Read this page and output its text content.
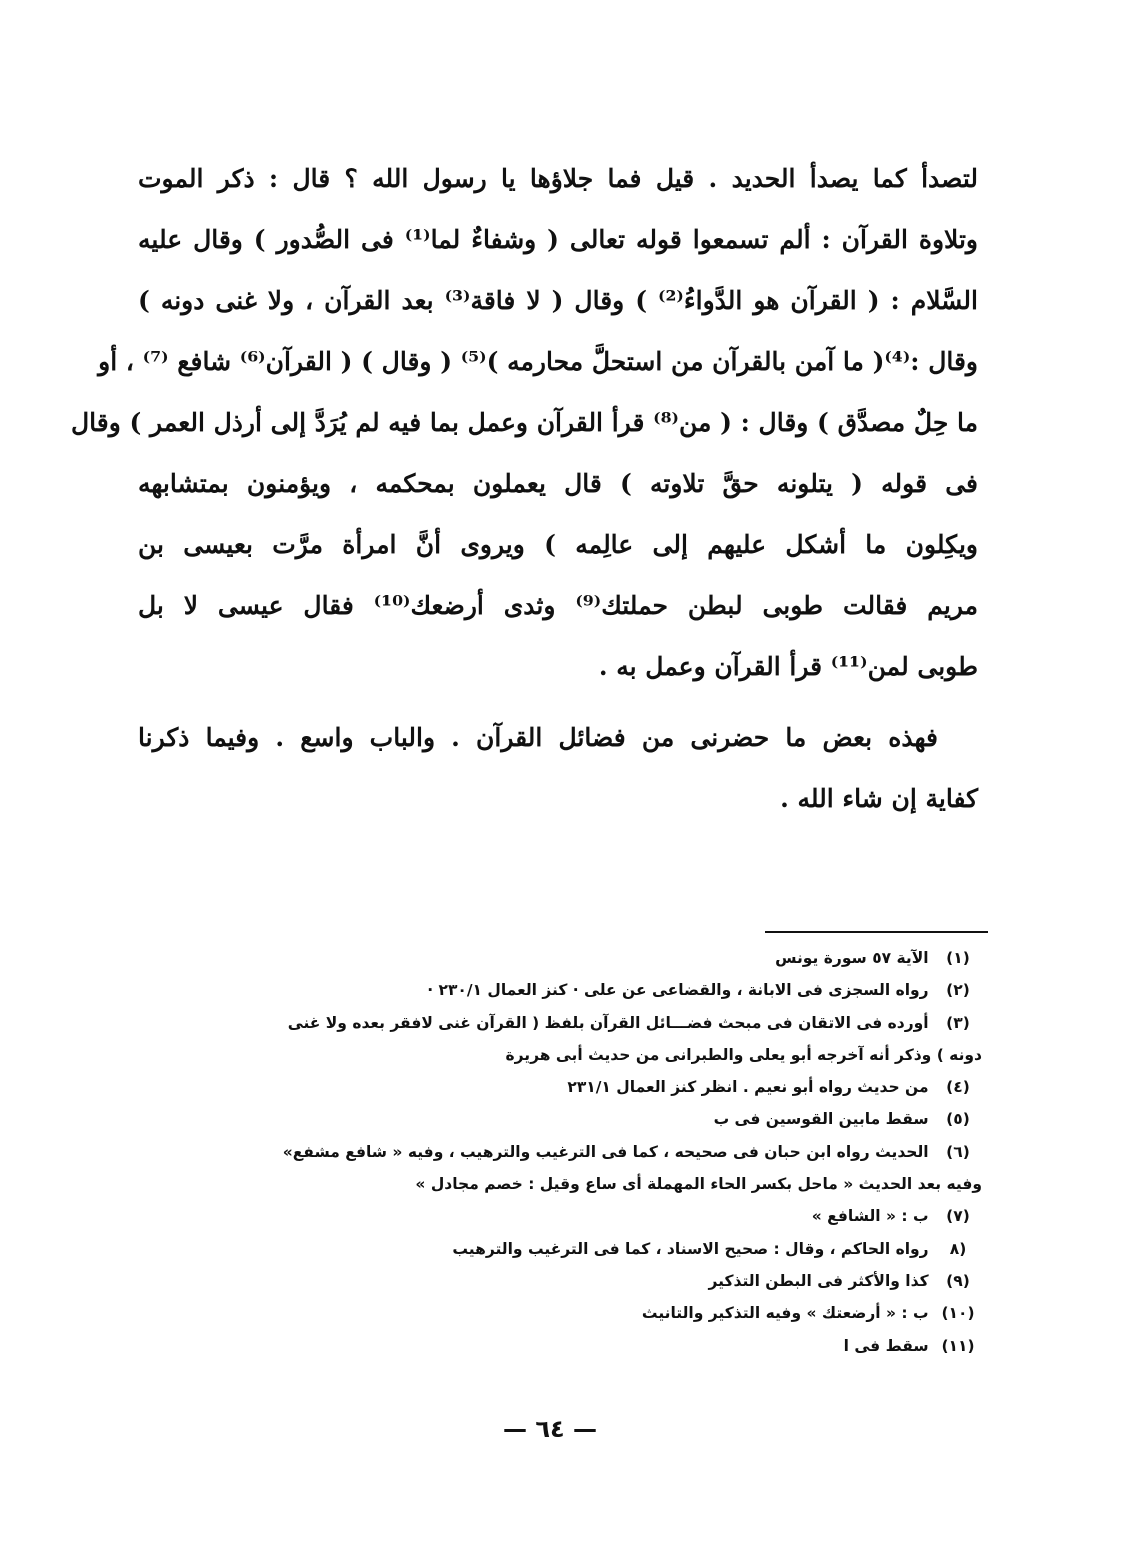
لتصدأ كما يصدأ الحديد . قيل فما جلاؤها يا رسول الله ؟ قال : ذكر الموت
وتلاوة القرآن : ألم تسمعوا قوله تعالى ( وشفاءٌ لما⁽¹⁾ فى الصُّدور ) وقال عليه
السَّلام : ( القرآن هو الدَّواءُ⁽²⁾ ) وقال ( لا فاقة⁽³⁾ بعد القرآن ، ولا غنى دونه )
وقال :⁽⁴⁾( ما آمن بالقرآن من استحلَّ محارمه )⁽⁵⁾ ( وقال ) ( القرآن⁽⁶⁾ شافع ⁽⁷⁾ ، أو
ما حِلٌ مصدَّق ) وقال : ( من⁽⁸⁾ قرأ القرآن وعمل بما فيه لم يُرَدَّ إلى أرذل العمر ) وقال
فى قوله ( يتلونه حقَّ تلاوته ) قال يعملون بمحكمه ، ويؤمنون بمتشابهه
ويكِلون ما أشكل عليهم إلى عالِمه ) ويروى أنَّ امرأة مرَّت بعيسى بن
مريم فقالت طوبى لبطن حملتك⁽⁹⁾ وثدى أرضعك⁽¹⁰⁾ فقال عيسى لا بل
طوبى لمن⁽¹¹⁾ قرأ القرآن وعمل به .
فهذه بعض ما حضرنى من فضائل القرآن . والباب واسع . وفيما ذكرنا
كفاية إن شاء الله .
(١) الآية ٥٧ سورة يونس
(٢) رواه السجزى فى الابانة ، والقضاعى عن على · كنز العمال ٢٣٠/١ ·
(٣) أورده فى الاتقان فى مبحث فضـــائل القرآن بلفظ ( القرآن غنى لافقر بعده ولا غنى
دونه ) وذكر أنه آخرجه أبو يعلى والطبرانى من حديث أبى هريرة
(٤) من حديث رواه أبو نعيم . انظر كنز العمال ٢٣١/١
(٥) سقط مابين القوسين فى ب
(٦) الحديث رواه ابن حبان فى صحيحه ، كما فى الترغيب والترهيب ، وفيه « شافع مشفع»
وفيه بعد الحديث « ماحل بكسر الحاء المهملة أى ساع وقيل : خصم مجادل »
(٧) ب : « الشافع »
(٨ رواه الحاكم ، وقال : صحيح الاسناد ، كما فى الترغيب والترهيب
(٩) كذا والأكثر فى البطن التذكير
(١٠) ب : « أرضعتك » وفيه التذكير والتانيث
(١١) سقط فى ا
— ٦٤ —
